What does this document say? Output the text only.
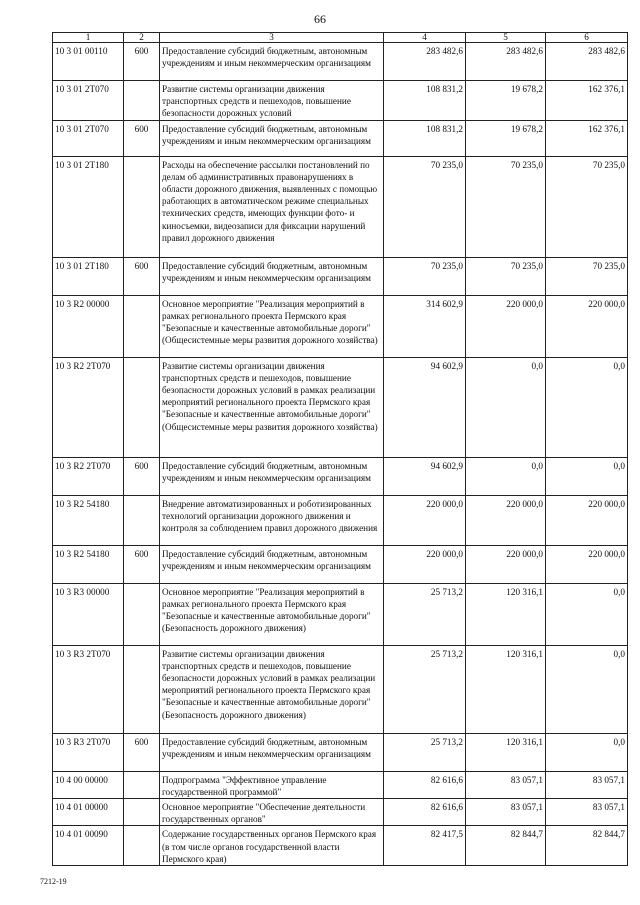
66
1	2	3	4	5	6
10 3 01 00110	600	Предоставление субсидий бюджетным, автономным учреждениям и иным некоммерческим организациям	283 482,6	283 482,6	283 482,6
10 3 01 2Т070		Развитие системы организации движения транспортных средств и пешеходов, повышение безопасности дорожных условий	108 831,2	19 678,2	162 376,1
10 3 01 2Т070	600	Предоставление субсидий бюджетным, автономным учреждениям и иным некоммерческим организациям	108 831,2	19 678,2	162 376,1
10 3 01 2Т180		Расходы на обеспечение рассылки постановлений по делам об административных правонарушениях в области дорожного движения, выявленных с помощью работающих в автоматическом режиме специальных технических средств, имеющих функции фото- и киносъемки, видеозаписи для фиксации нарушений правил дорожного движения	70 235,0	70 235,0	70 235,0
10 3 01 2Т180	600	Предоставление субсидий бюджетным, автономным учреждениям и иным некоммерческим организациям	70 235,0	70 235,0	70 235,0
10 3 R2 00000		Основное мероприятие "Реализация мероприятий в рамках регионального проекта Пермского края "Безопасные и качественные автомобильные дороги" (Общесистемные меры развития дорожного хозяйства)	314 602,9	220 000,0	220 000,0
10 3 R2 2Т070		Развитие системы организации движения транспортных средств и пешеходов, повышение безопасности дорожных условий в рамках реализации мероприятий регионального проекта Пермского края "Безопасные и качественные автомобильные дороги" (Общесистемные меры развития дорожного хозяйства)	94 602,9	0,0	0,0
10 3 R2 2Т070	600	Предоставление субсидий бюджетным, автономным учреждениям и иным некоммерческим организациям	94 602,9	0,0	0,0
10 3 R2 54180		Внедрение автоматизированных и роботизированных технологий организации дорожного движения и контроля за соблюдением правил дорожного движения	220 000,0	220 000,0	220 000,0
10 3 R2 54180	600	Предоставление субсидий бюджетным, автономным учреждениям и иным некоммерческим организациям	220 000,0	220 000,0	220 000,0
10 3 R3 00000		Основное мероприятие "Реализация мероприятий в рамках регионального проекта Пермского края "Безопасные и качественные автомобильные дороги" (Безопасность дорожного движения)	25 713,2	120 316,1	0,0
10 3 R3 2Т070		Развитие системы организации движения транспортных средств и пешеходов, повышение безопасности дорожных условий в рамках реализации мероприятий регионального проекта Пермского края "Безопасные и качественные автомобильные дороги" (Безопасность дорожного движения)	25 713,2	120 316,1	0,0
10 3 R3 2Т070	600	Предоставление субсидий бюджетным, автономным учреждениям и иным некоммерческим организациям	25 713,2	120 316,1	0,0
10 4 00 00000		Подпрограмма "Эффективное управление государственной программой"	82 616,6	83 057,1	83 057,1
10 4 01 00000		Основное мероприятие "Обеспечение деятельности государственных органов"	82 616,6	83 057,1	83 057,1
10 4 01 00090		Содержание государственных органов Пермского края (в том числе органов государственной власти Пермского края)	82 417,5	82 844,7	82 844,7
7212-19
